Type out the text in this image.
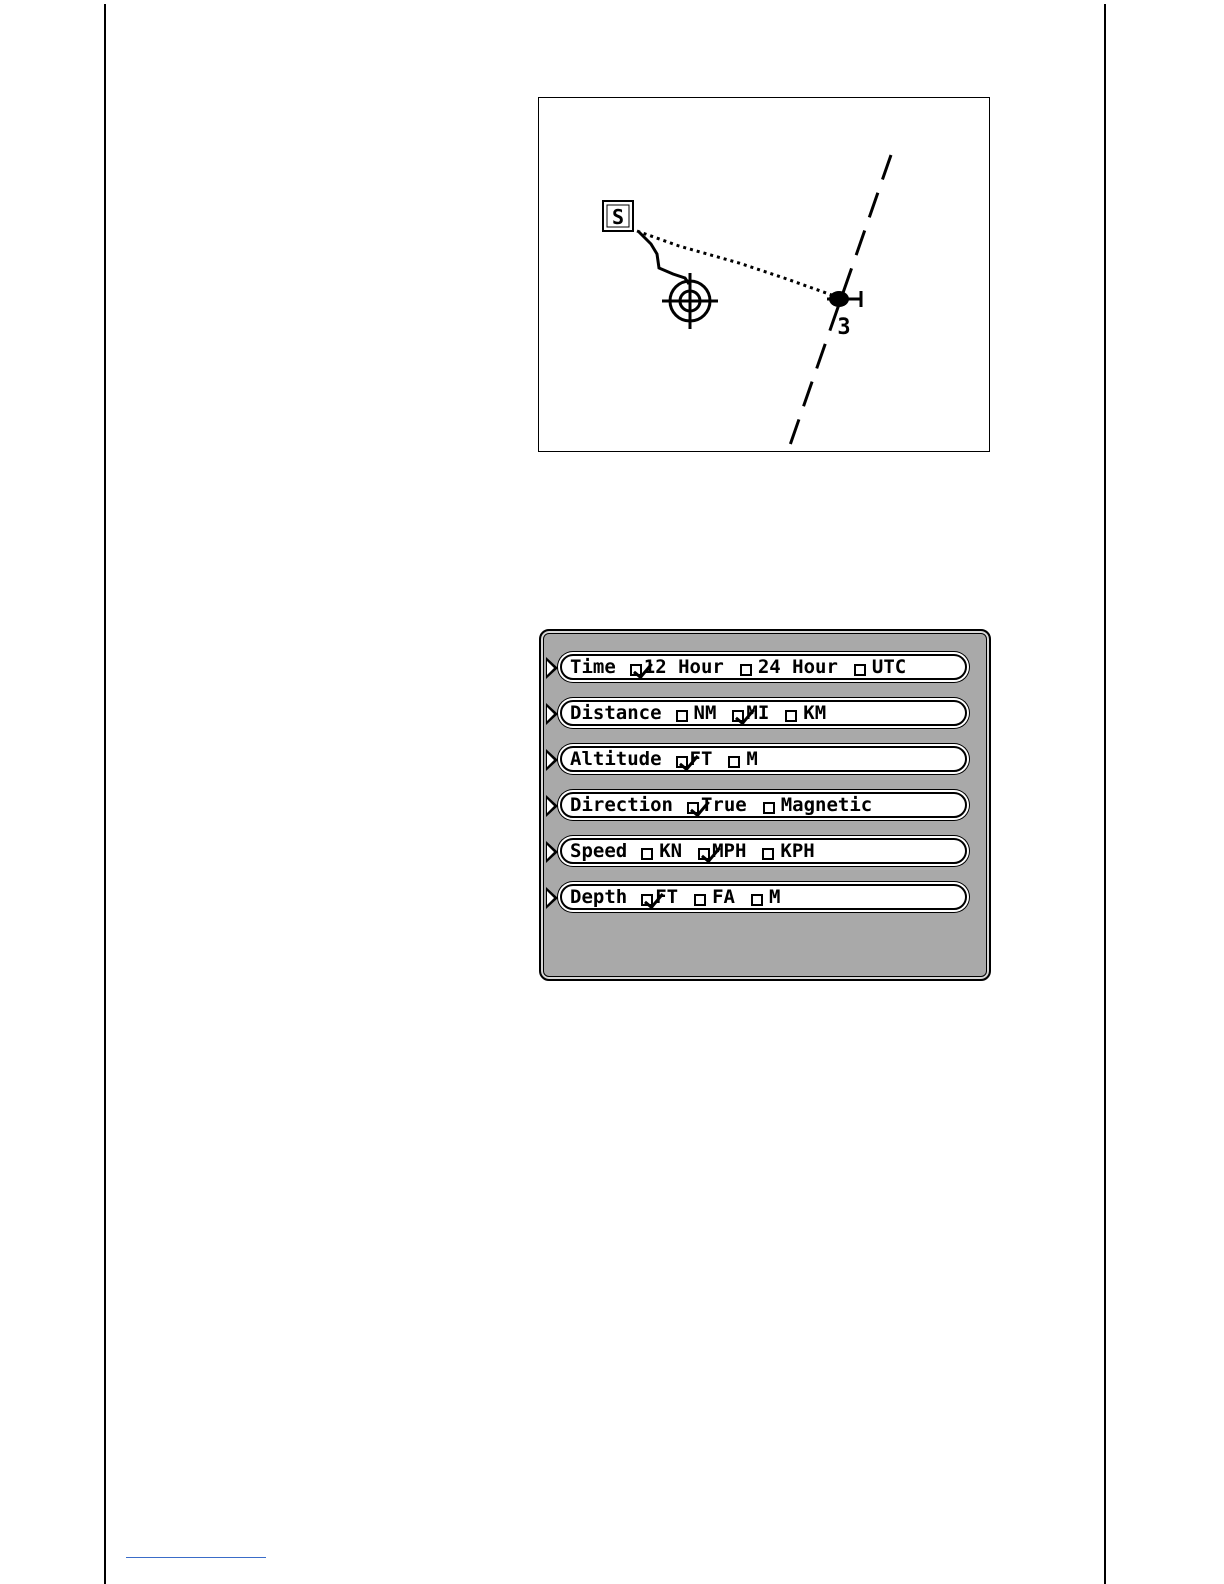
S
3
Time 12 Hour 24 Hour UTC
Distance NM MI KM
Altitude FT M
Direction True Magnetic
Speed KN MPH KPH
Depth FT FA M
